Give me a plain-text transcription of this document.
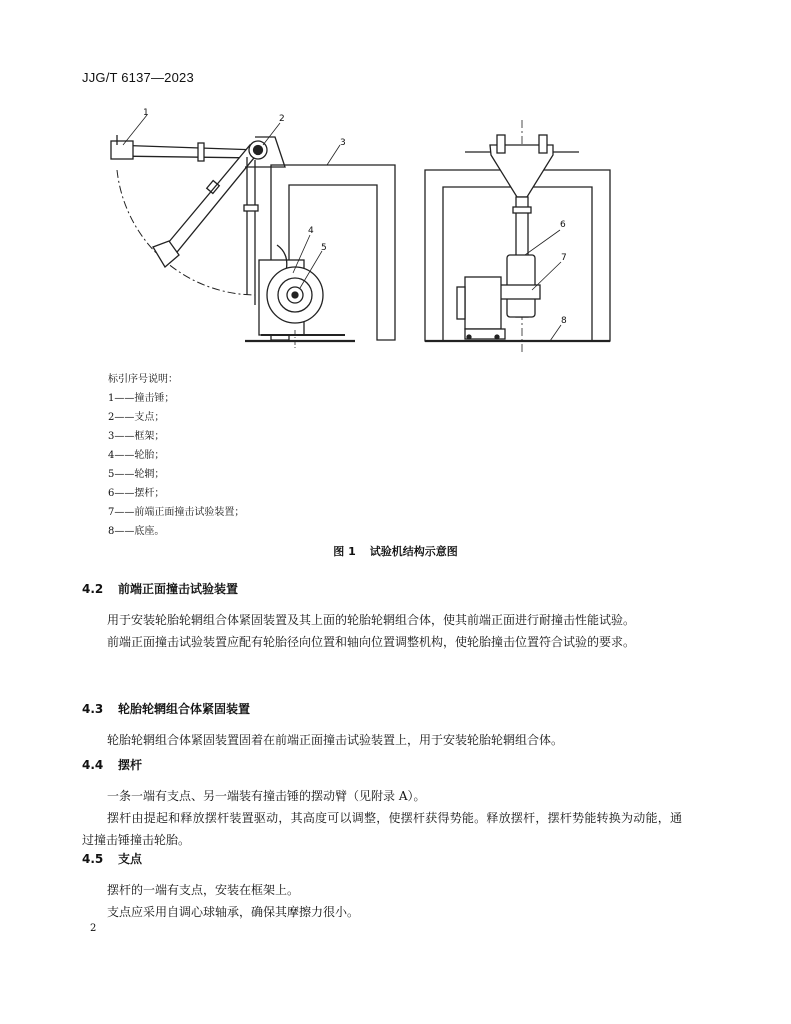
JJG/T 6137—2023
1
2
3
4
5
6
7
8
标引序号说明：
1——撞击锤；
2——支点；
3——框架；
4——轮胎；
5——轮辋；
6——摆杆；
7——前端正面撞击试验装置；
8——底座。
图 1 试验机结构示意图

4.2 前端正面撞击试验装置

用于安装轮胎轮辋组合体紧固装置及其上面的轮胎轮辋组合体，使其前端正面进行耐撞击性能试验。

前端正面撞击试验装置应配有轮胎径向位置和轴向位置调整机构，使轮胎撞击位置符合试验的要求。

4.3 轮胎轮辋组合体紧固装置

轮胎轮辋组合体紧固装置固着在前端正面撞击试验装置上，用于安装轮胎轮辋组合体。

4.4 摆杆

一条一端有支点、另一端装有撞击锤的摆动臂（见附录 A）。

摆杆由提起和释放摆杆装置驱动，其高度可以调整，使摆杆获得势能。释放摆杆，摆杆势能转换为动能，通过撞击锤撞击轮胎。

4.5 支点

摆杆的一端有支点，安装在框架上。

支点应采用自调心球轴承，确保其摩擦力很小。

2
